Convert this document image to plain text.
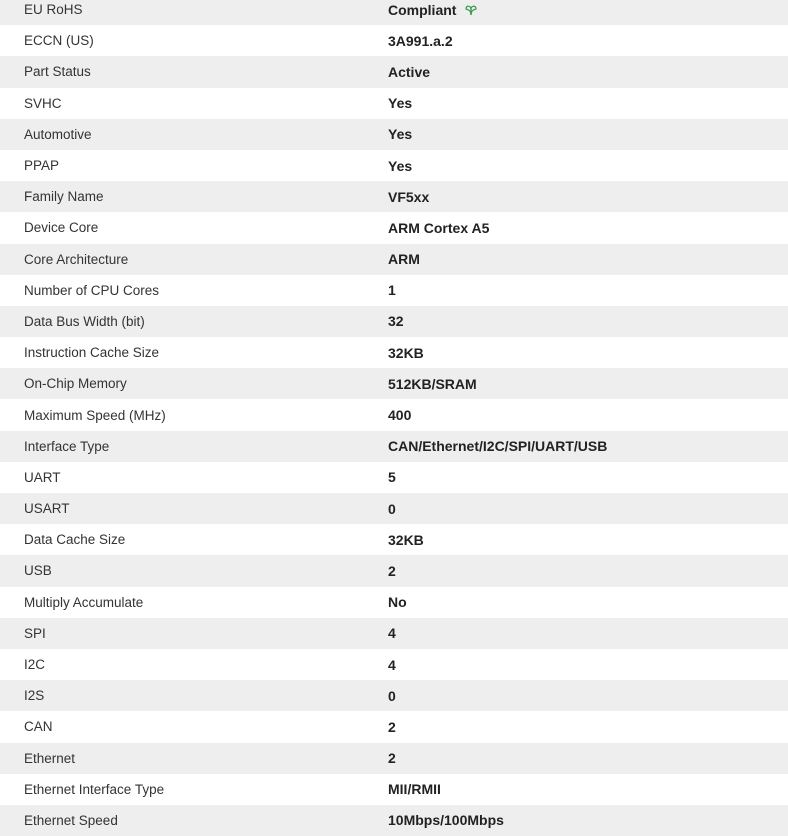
EU RoHS	Compliant
ECCN (US)	3A991.a.2
Part Status	Active
SVHC	Yes
Automotive	Yes
PPAP	Yes
Family Name	VF5xx
Device Core	ARM Cortex A5
Core Architecture	ARM
Number of CPU Cores	1
Data Bus Width (bit)	32
Instruction Cache Size	32KB
On-Chip Memory	512KB/SRAM
Maximum Speed (MHz)	400
Interface Type	CAN/Ethernet/I2C/SPI/UART/USB
UART	5
USART	0
Data Cache Size	32KB
USB	2
Multiply Accumulate	No
SPI	4
I2C	4
I2S	0
CAN	2
Ethernet	2
Ethernet Interface Type	MII/RMII
Ethernet Speed	10Mbps/100Mbps
